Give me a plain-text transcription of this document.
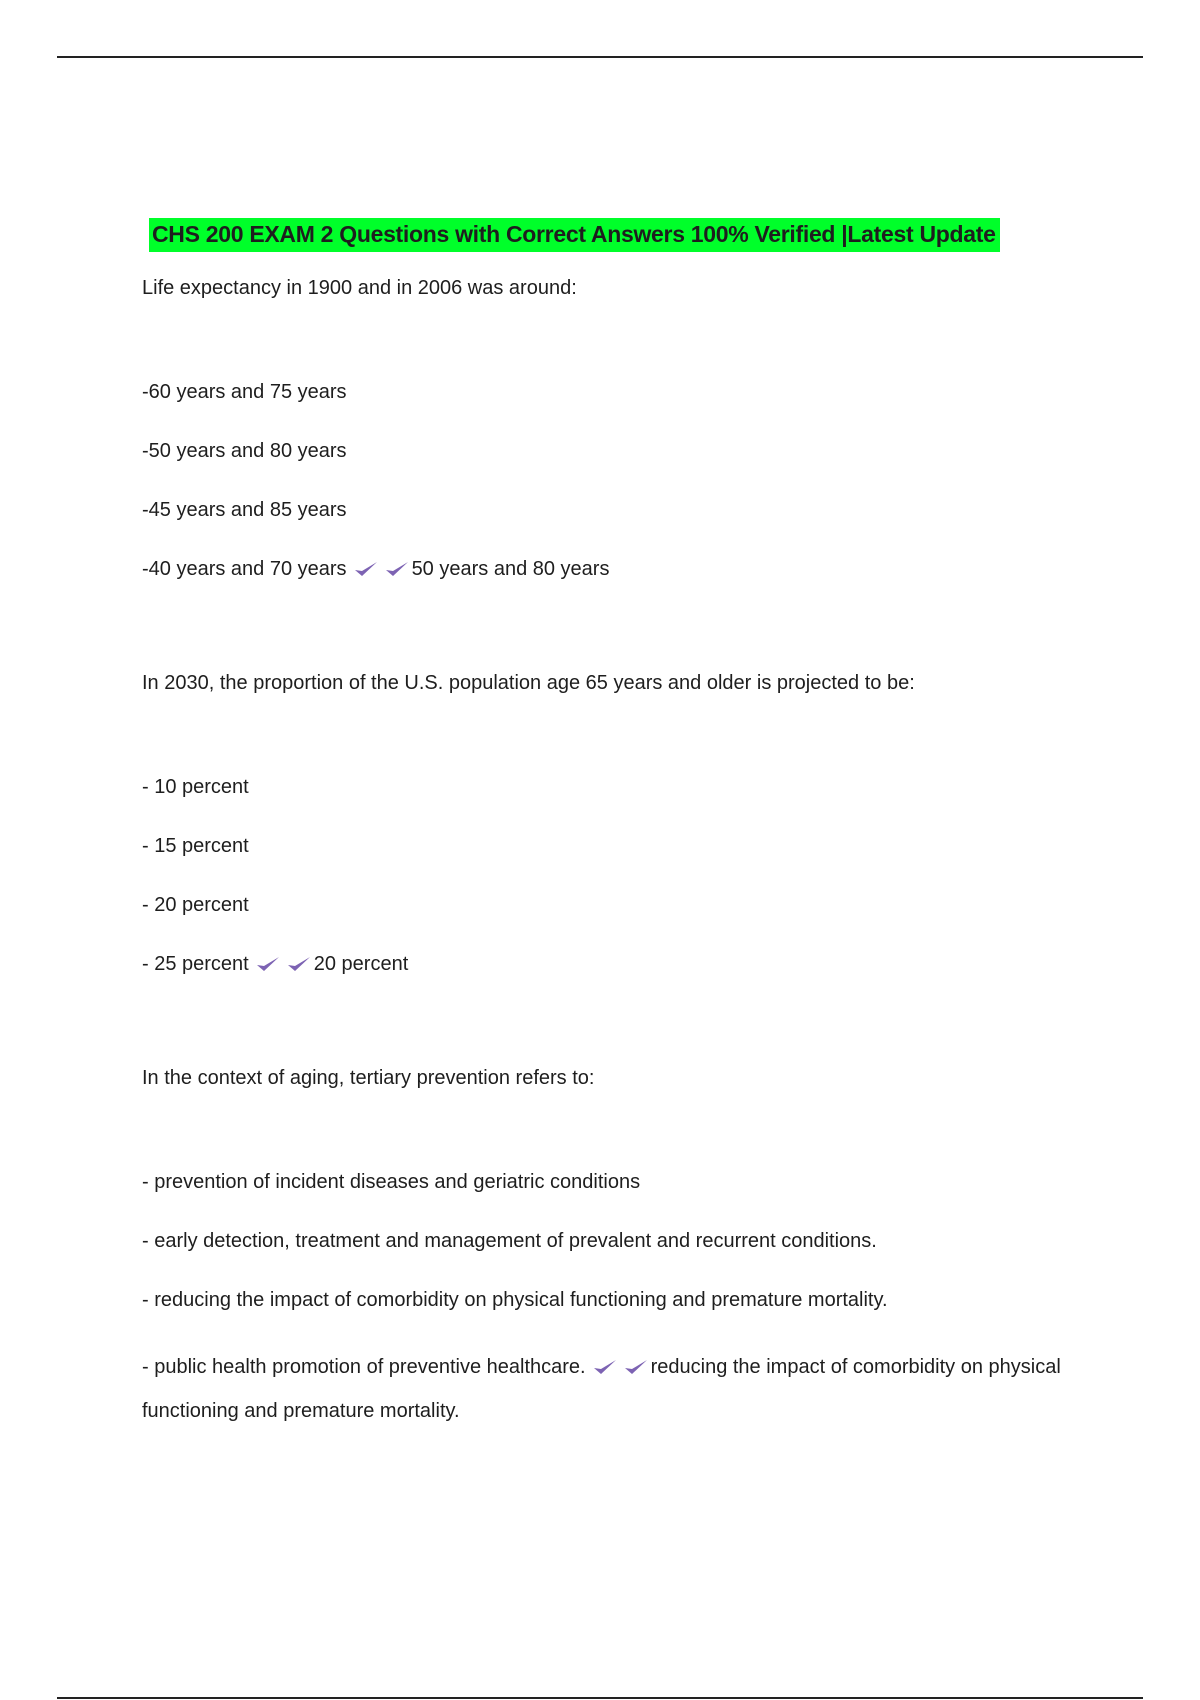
CHS 200 EXAM 2 Questions with Correct Answers 100% Verified |Latest Update

Life expectancy in 1900 and in 2006 was around:

-60 years and 75 years
-50 years and 80 years
-45 years and 85 years
-40 years and 70 years	50 years and 80 years

In 2030, the proportion of the U.S. population age 65 years and older is projected to be:

- 10 percent
- 15 percent
- 20 percent
- 25 percent	20 percent

In the context of aging, tertiary prevention refers to:

- prevention of incident diseases and geriatric conditions
- early detection, treatment and management of prevalent and recurrent conditions.
- reducing the impact of comorbidity on physical functioning and premature mortality.
- public health promotion of preventive healthcare.	reducing the impact of comorbidity on physical functioning and premature mortality.
